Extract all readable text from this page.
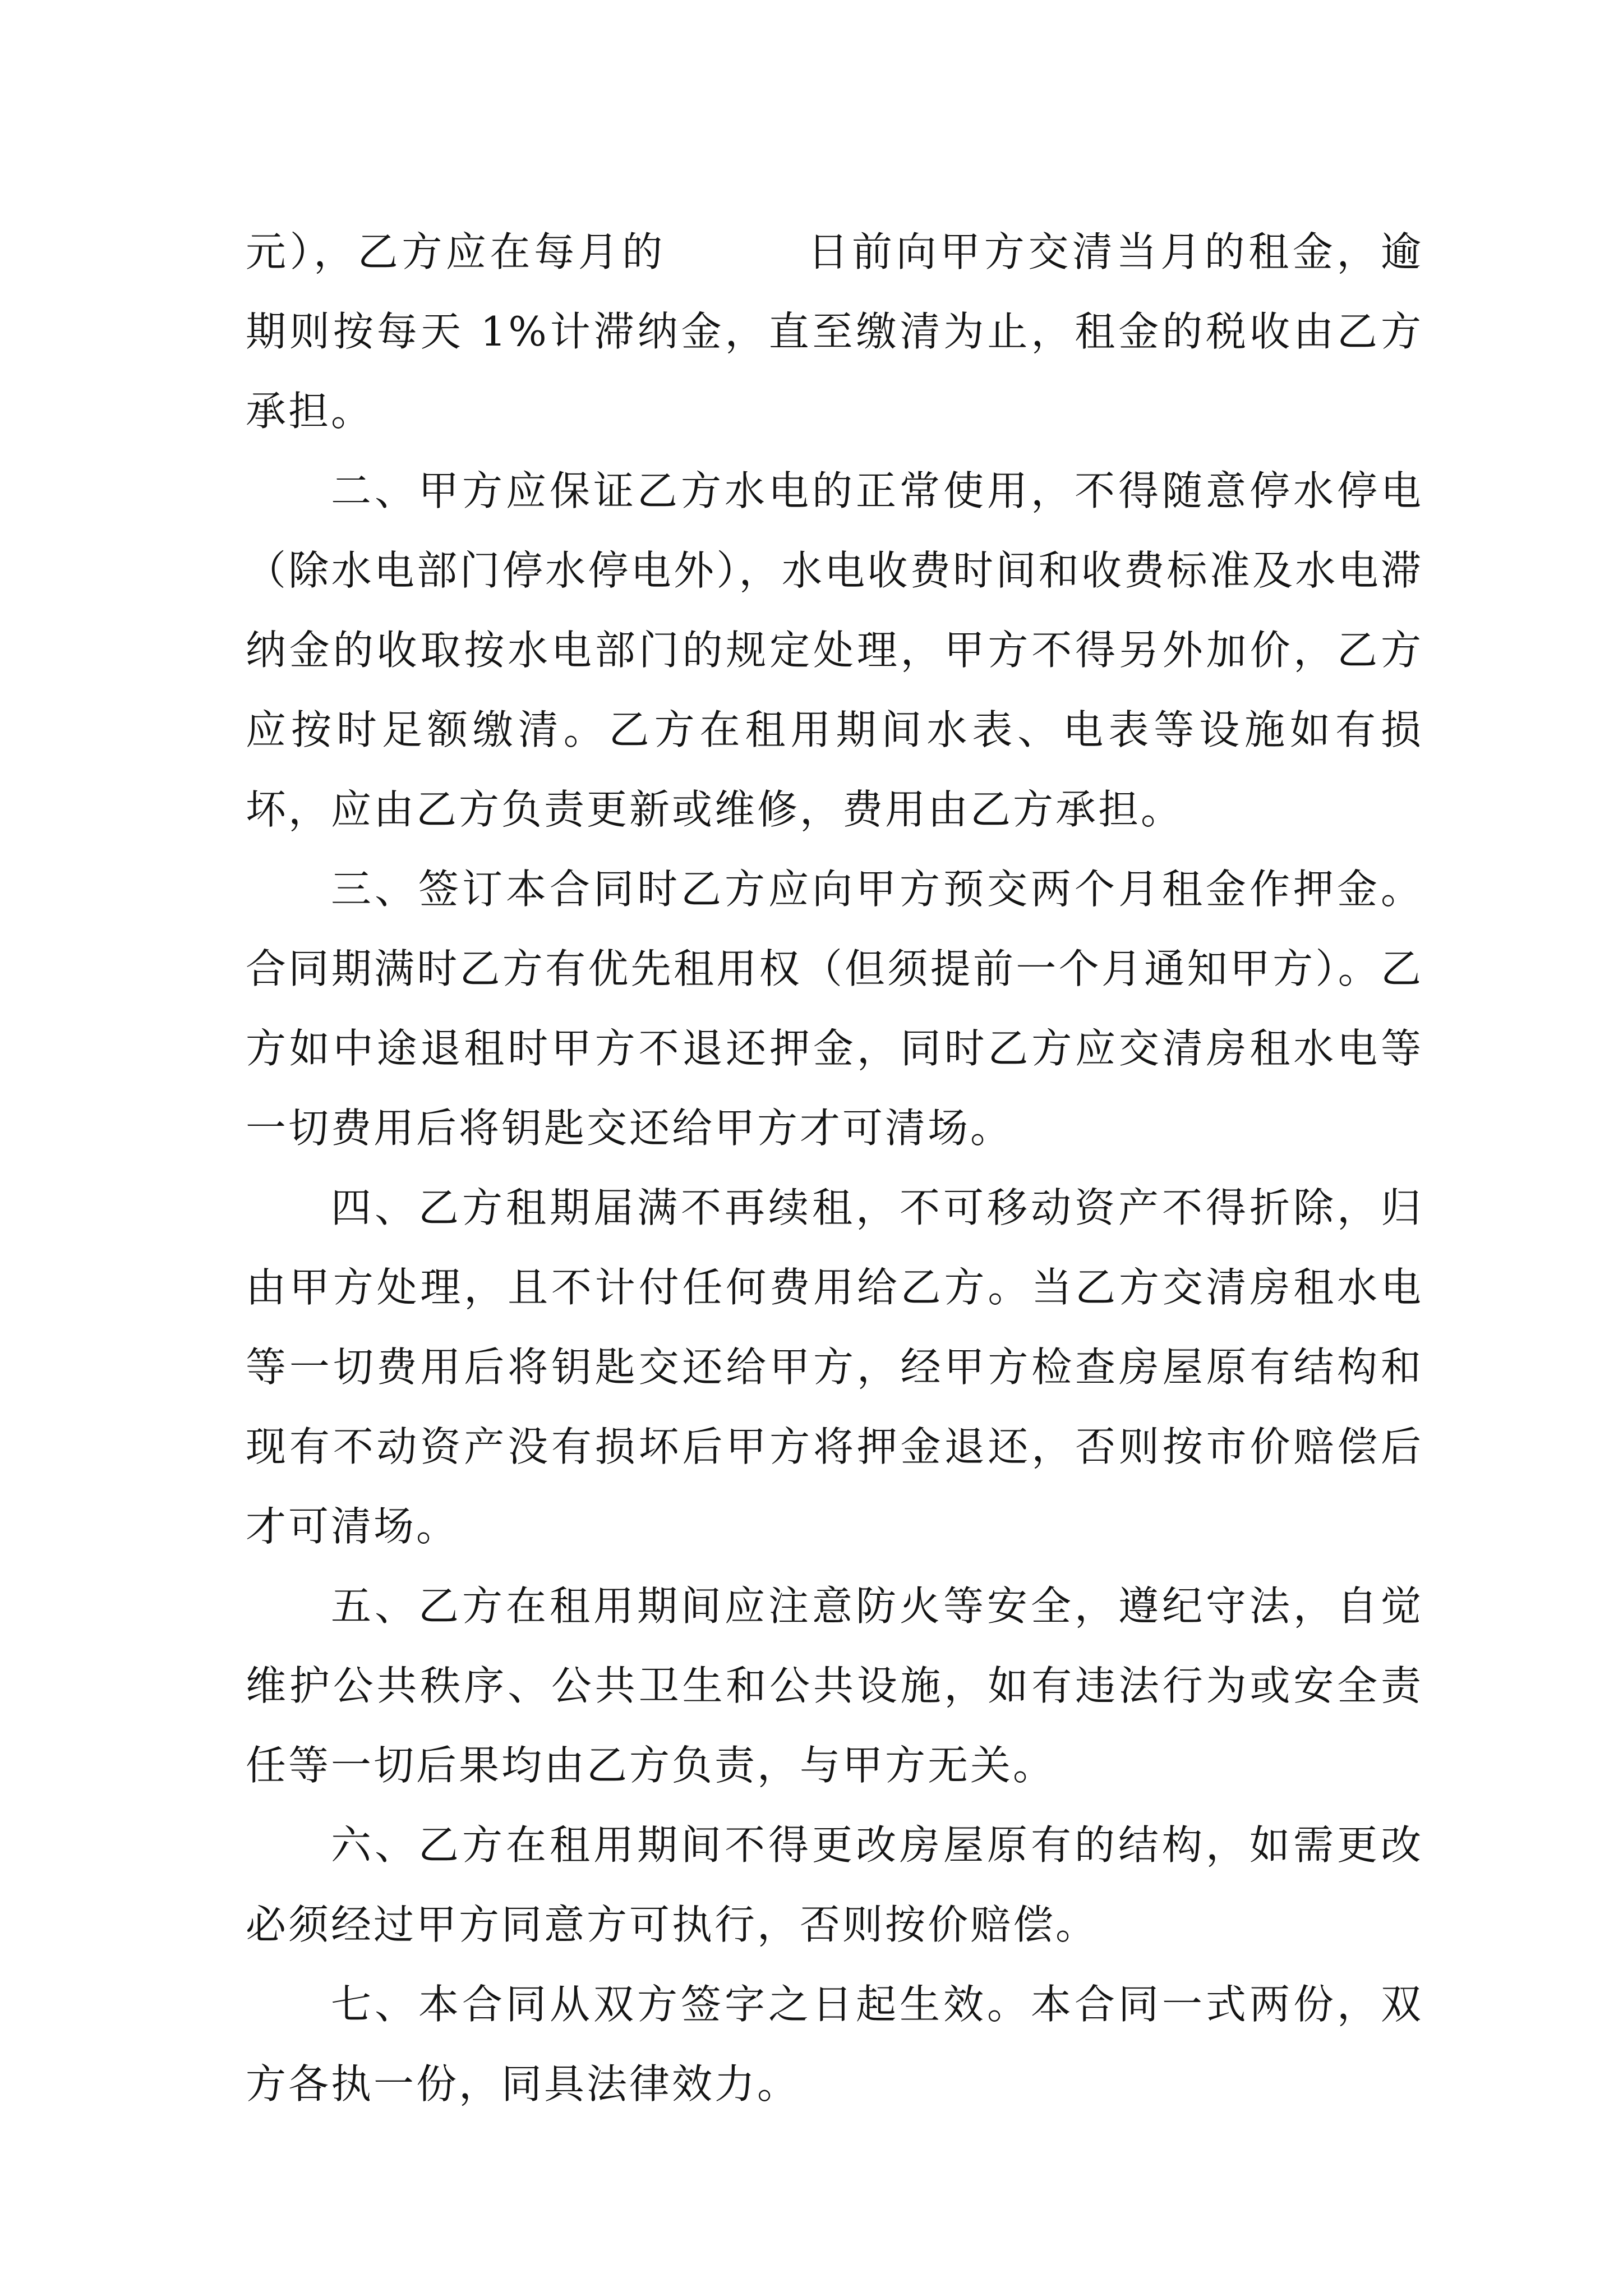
元），乙方应在每月的	日前向甲方交清当月的租金，逾期则按每天 1%计滞纳金，直至缴清为止，租金的税收由乙方承担。

二、甲方应保证乙方水电的正常使用，不得随意停水停电（除水电部门停水停电外），水电收费时间和收费标准及水电滞纳金的收取按水电部门的规定处理，甲方不得另外加价，乙方应按时足额缴清。乙方在租用期间水表、电表等设施如有损坏，应由乙方负责更新或维修，费用由乙方承担。

三、签订本合同时乙方应向甲方预交两个月租金作押金。合同期满时乙方有优先租用权（但须提前一个月通知甲方）。乙方如中途退租时甲方不退还押金，同时乙方应交清房租水电等一切费用后将钥匙交还给甲方才可清场。

四、乙方租期届满不再续租，不可移动资产不得折除，归由甲方处理，且不计付任何费用给乙方。当乙方交清房租水电等一切费用后将钥匙交还给甲方，经甲方检查房屋原有结构和现有不动资产没有损坏后甲方将押金退还，否则按市价赔偿后才可清场。

五、乙方在租用期间应注意防火等安全，遵纪守法，自觉维护公共秩序、公共卫生和公共设施，如有违法行为或安全责任等一切后果均由乙方负责，与甲方无关。

六、乙方在租用期间不得更改房屋原有的结构，如需更改必须经过甲方同意方可执行，否则按价赔偿。

七、本合同从双方签字之日起生效。本合同一式两份，双方各执一份，同具法律效力。
